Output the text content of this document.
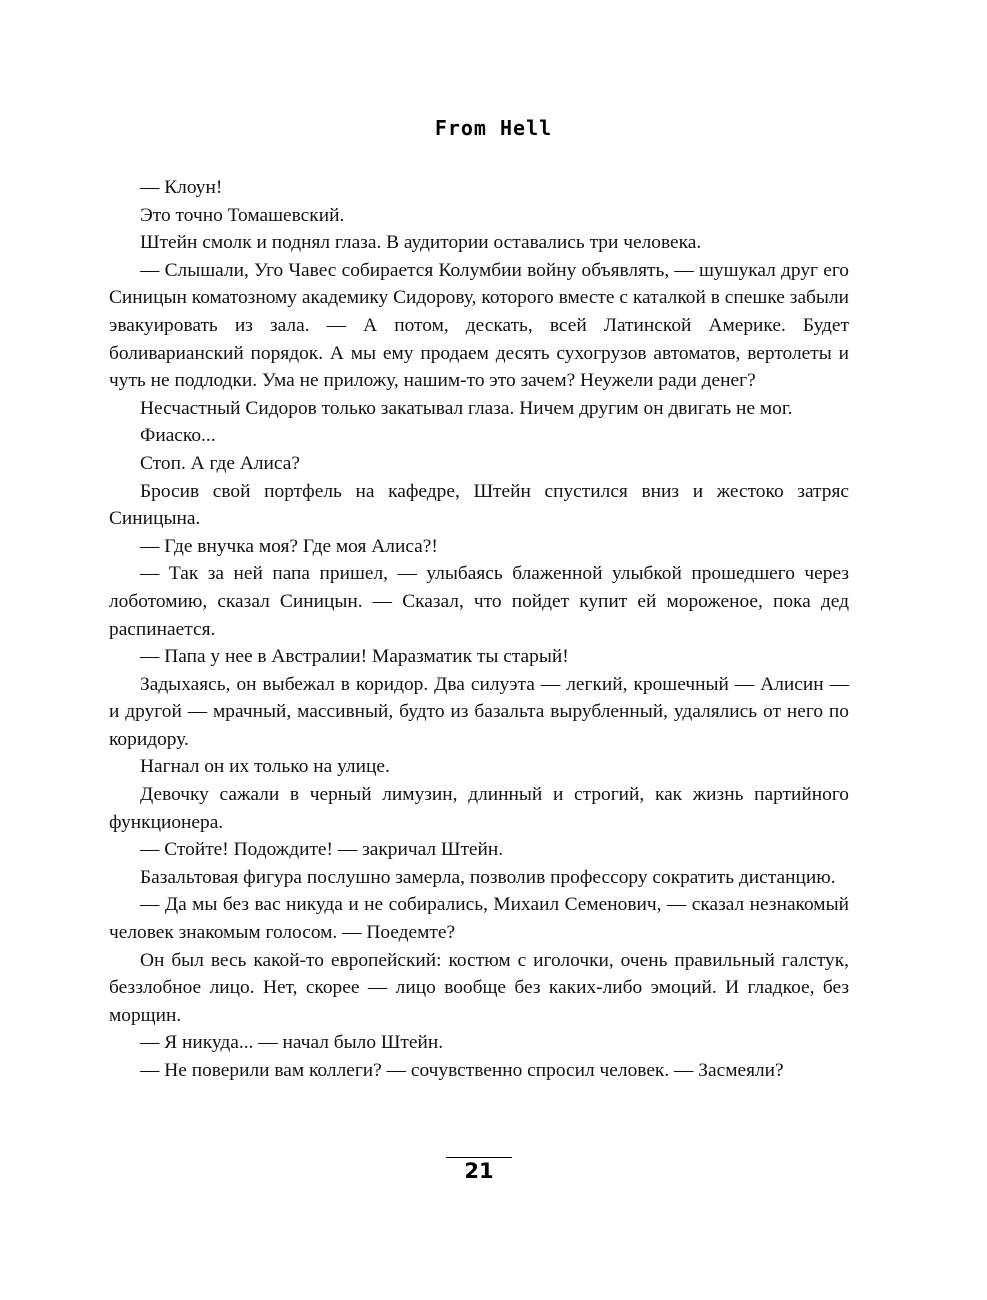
From Hell

— Клоун!

Это точно Томашевский.

Штейн смолк и поднял глаза. В аудитории оставались три человека.

— Слышали, Уго Чавес собирается Колумбии войну объявлять, — шушукал друг его Синицын коматозному академику Сидорову, которого вместе с каталкой в спешке забыли эвакуировать из зала. — А потом, дескать, всей Латинской Америке. Будет боливарианский порядок. А мы ему продаем десять сухогрузов автоматов, вертолеты и чуть не подлодки. Ума не приложу, нашим-то это зачем? Неужели ради денег?

Несчастный Сидоров только закатывал глаза. Ничем другим он двигать не мог.

Фиаско...

Стоп. А где Алиса?

Бросив свой портфель на кафедре, Штейн спустился вниз и жестоко затряс Синицына.

— Где внучка моя? Где моя Алиса?!

— Так за ней папа пришел, — улыбаясь блаженной улыбкой прошедшего через лоботомию, сказал Синицын. — Сказал, что пойдет купит ей мороженое, пока дед распинается.

— Папа у нее в Австралии! Маразматик ты старый!

Задыхаясь, он выбежал в коридор. Два силуэта — легкий, крошечный — Алисин — и другой — мрачный, массивный, будто из базальта вырубленный, удалялись от него по коридору.

Нагнал он их только на улице.

Девочку сажали в черный лимузин, длинный и строгий, как жизнь партийного функционера.

— Стойте! Подождите! — закричал Штейн.

Базальтовая фигура послушно замерла, позволив профессору сократить дистанцию.

— Да мы без вас никуда и не собирались, Михаил Семенович, — сказал незнакомый человек знакомым голосом. — Поедемте?

Он был весь какой-то европейский: костюм с иголочки, очень правильный галстук, беззлобное лицо. Нет, скорее — лицо вообще без каких-либо эмоций. И гладкое, без морщин.

— Я никуда... — начал было Штейн.

— Не поверили вам коллеги? — сочувственно спросил человек. — Засмеяли?

21
